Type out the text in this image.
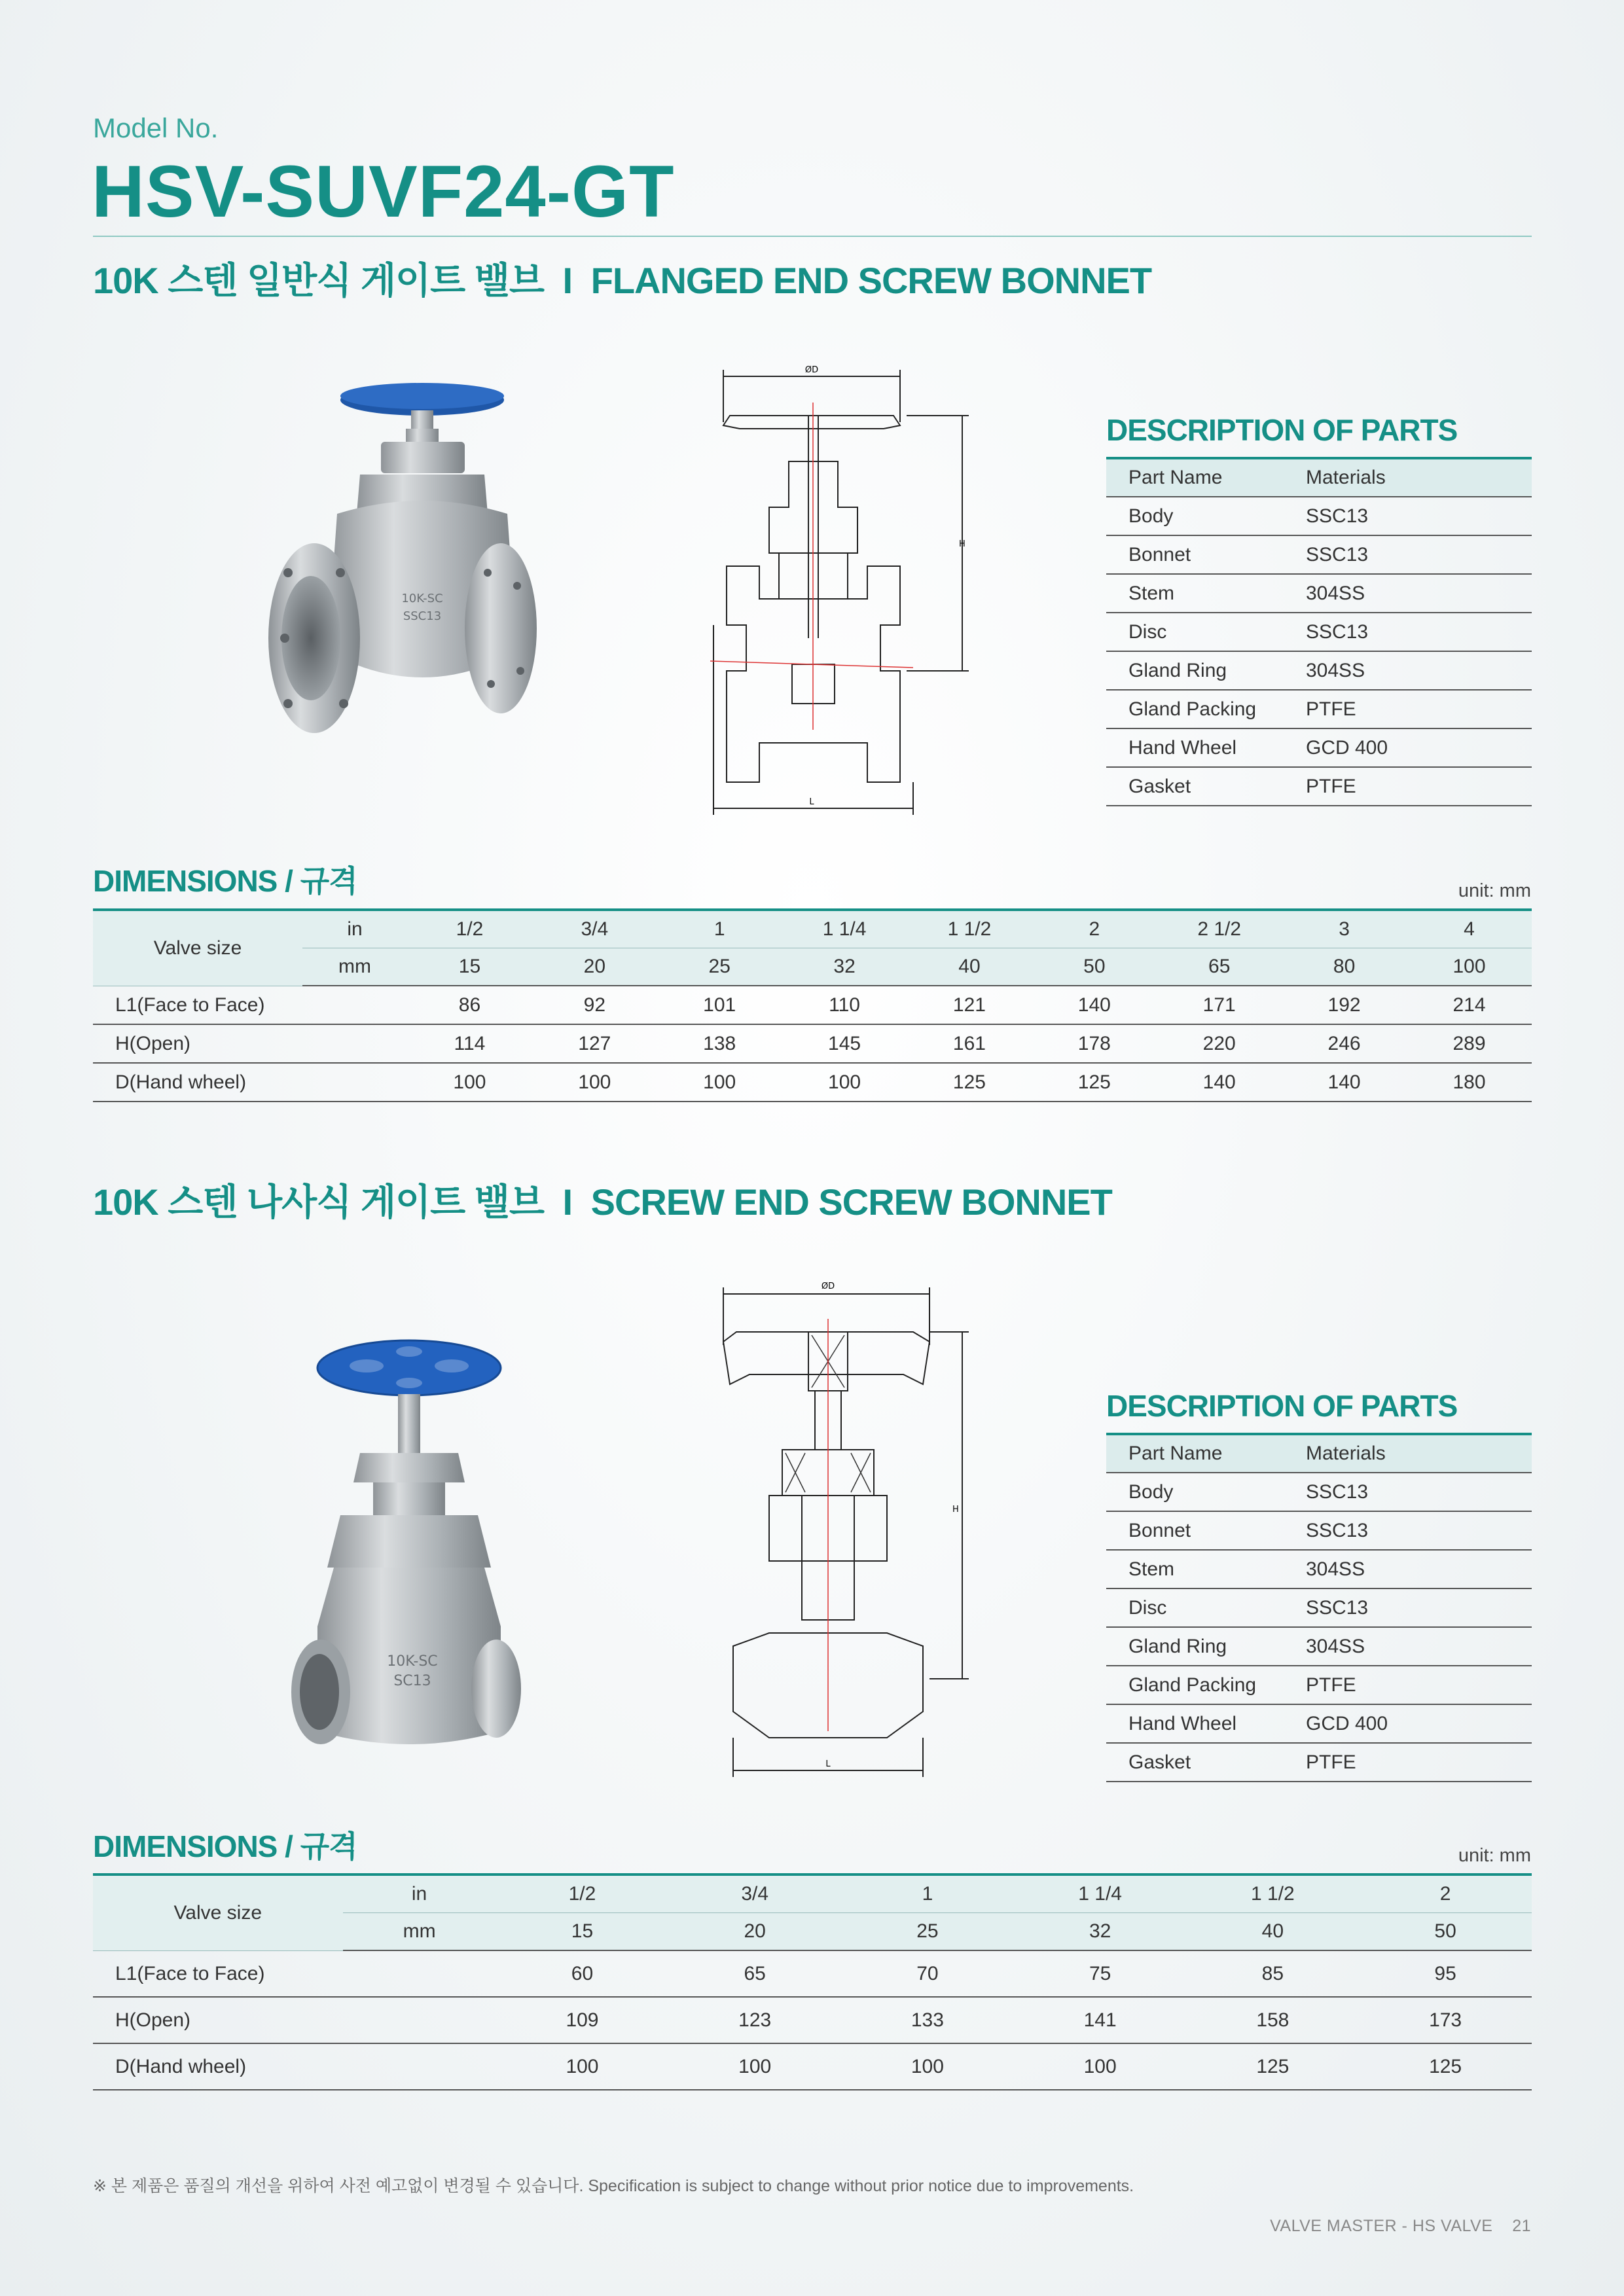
Model No.
HSV-SUVF24-GT
10K 스텐 일반식 게이트 밸브 I FLANGED END SCREW BONNET
10K-SC
SSC13
ØD
H
L
DESCRIPTION OF PARTS
Part Name	Materials
Body	SSC13
Bonnet	SSC13
Stem	304SS
Disc	SSC13
Gland Ring	304SS
Gland Packing	PTFE
Hand Wheel	GCD 400
Gasket	PTFE
DIMENSIONS / 규격	unit: mm
Valve size	in	1/2	3/4	1	1 1/4	1 1/2	2	2 1/2	3	4
	mm	15	20	25	32	40	50	65	80	100
L1(Face to Face)		86	92	101	110	121	140	171	192	214
H(Open)		114	127	138	145	161	178	220	246	289
D(Hand wheel)		100	100	100	100	125	125	140	140	180
10K 스텐 나사식 게이트 밸브 I SCREW END SCREW BONNET
10K-SC
SC13
ØD
H
L
DESCRIPTION OF PARTS
Part Name	Materials
Body	SSC13
Bonnet	SSC13
Stem	304SS
Disc	SSC13
Gland Ring	304SS
Gland Packing	PTFE
Hand Wheel	GCD 400
Gasket	PTFE
DIMENSIONS / 규격	unit: mm
Valve size	in	1/2	3/4	1	1 1/4	1 1/2	2
	mm	15	20	25	32	40	50
L1(Face to Face)		60	65	70	75	85	95
H(Open)		109	123	133	141	158	173
D(Hand wheel)		100	100	100	100	125	125
※ 본 제품은 품질의 개선을 위하여 사전 예고없이 변경될 수 있습니다. Specification is subject to change without prior notice due to improvements.
VALVE MASTER - HS VALVE 21
